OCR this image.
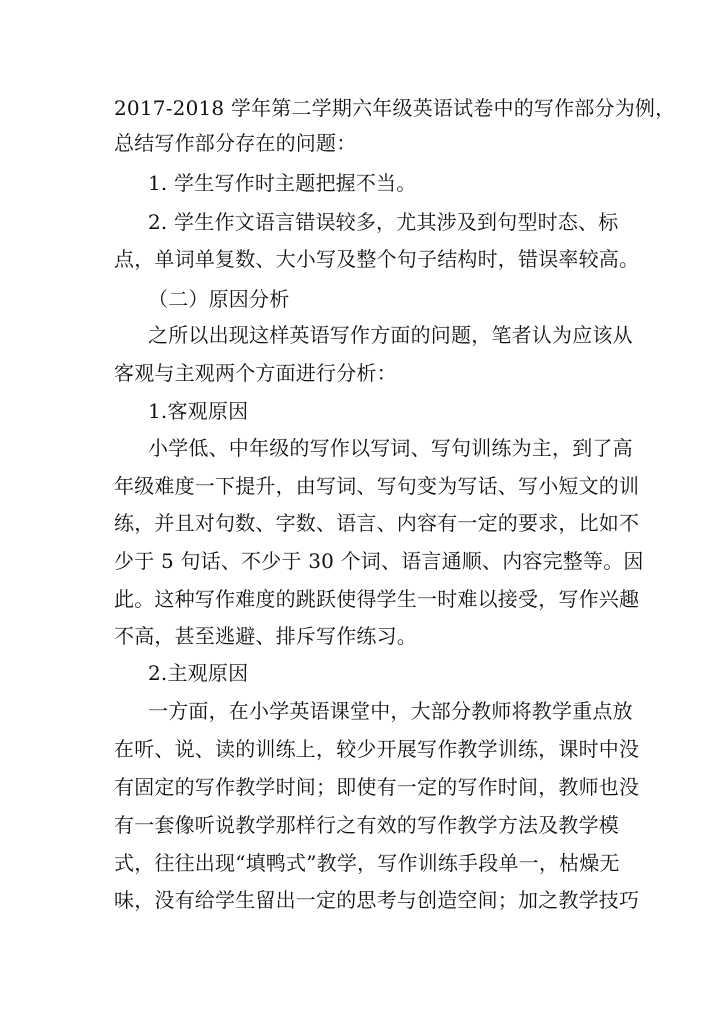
2017-2018 学年第二学期六年级英语试卷中的写作部分为例，
总结写作部分存在的问题：
1. 学生写作时主题把握不当。
2. 学生作文语言错误较多，尤其涉及到句型时态、标
点，单词单复数、大小写及整个句子结构时，错误率较高。
（二）原因分析
之所以出现这样英语写作方面的问题，笔者认为应该从
客观与主观两个方面进行分析：
1.客观原因
小学低、中年级的写作以写词、写句训练为主，到了高
年级难度一下提升，由写词、写句变为写话、写小短文的训
练，并且对句数、字数、语言、内容有一定的要求，比如不
少于 5 句话、不少于 30 个词、语言通顺、内容完整等。因
此。这种写作难度的跳跃使得学生一时难以接受，写作兴趣
不高，甚至逃避、排斥写作练习。
2.主观原因
一方面，在小学英语课堂中，大部分教师将教学重点放
在听、说、读的训练上，较少开展写作教学训练，课时中没
有固定的写作教学时间；即使有一定的写作时间，教师也没
有一套像听说教学那样行之有效的写作教学方法及教学模
式，往往出现“填鸭式”教学，写作训练手段单一，枯燥无
味，没有给学生留出一定的思考与创造空间；加之教学技巧
